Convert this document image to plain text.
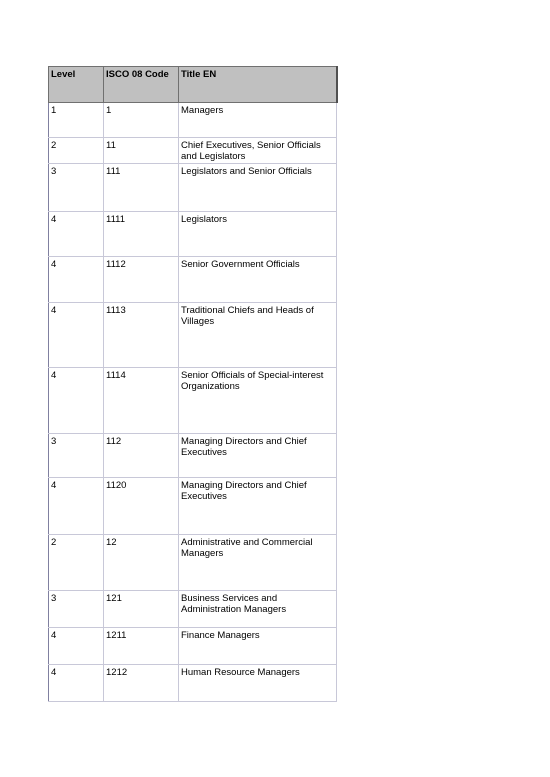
Level	ISCO 08 Code	Title EN
1	1	Managers
2	11	Chief Executives, Senior Officials and Legislators
3	111	Legislators and Senior Officials
4	1111	Legislators
4	1112	Senior Government Officials
4	1113	Traditional Chiefs and Heads of Villages
4	1114	Senior Officials of Special-interest Organizations
3	112	Managing Directors and Chief Executives
4	1120	Managing Directors and Chief Executives
2	12	Administrative and Commercial Managers
3	121	Business Services and Administration Managers
4	1211	Finance Managers
4	1212	Human Resource Managers
